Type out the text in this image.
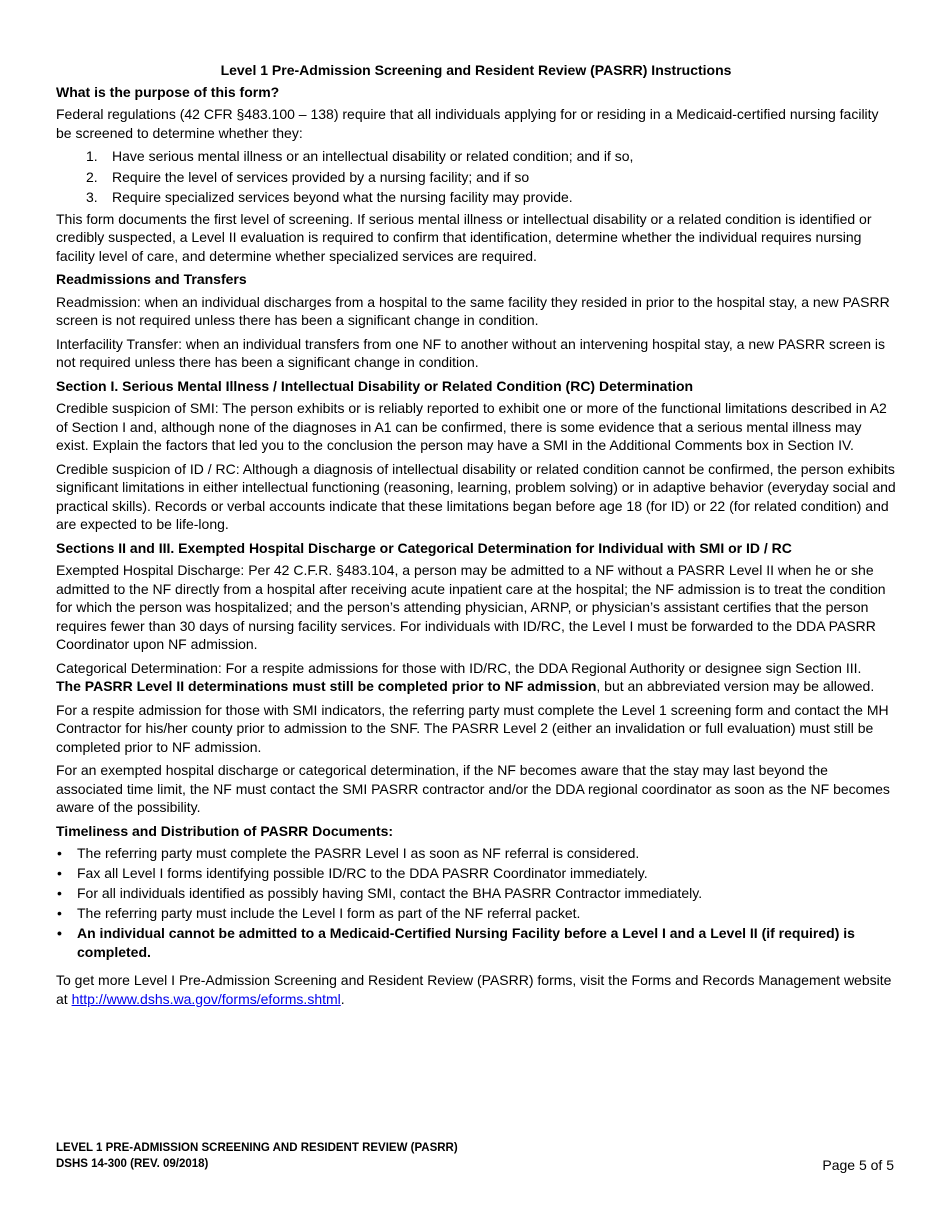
Level 1 Pre-Admission Screening and Resident Review (PASRR) Instructions
What is the purpose of this form?

Federal regulations (42 CFR §483.100 – 138) require that all individuals applying for or residing in a Medicaid-certified nursing facility be screened to determine whether they:

1. Have serious mental illness or an intellectual disability or related condition; and if so,
2. Require the level of services provided by a nursing facility; and if so
3. Require specialized services beyond what the nursing facility may provide.

This form documents the first level of screening. If serious mental illness or intellectual disability or a related condition is identified or credibly suspected, a Level II evaluation is required to confirm that identification, determine whether the individual requires nursing facility level of care, and determine whether specialized services are required.

Readmissions and Transfers

Readmission: when an individual discharges from a hospital to the same facility they resided in prior to the hospital stay, a new PASRR screen is not required unless there has been a significant change in condition.

Interfacility Transfer: when an individual transfers from one NF to another without an intervening hospital stay, a new PASRR screen is not required unless there has been a significant change in condition.

Section I. Serious Mental Illness / Intellectual Disability or Related Condition (RC) Determination

Credible suspicion of SMI: The person exhibits or is reliably reported to exhibit one or more of the functional limitations described in A2 of Section I and, although none of the diagnoses in A1 can be confirmed, there is some evidence that a serious mental illness may exist. Explain the factors that led you to the conclusion the person may have a SMI in the Additional Comments box in Section IV.

Credible suspicion of ID / RC: Although a diagnosis of intellectual disability or related condition cannot be confirmed, the person exhibits significant limitations in either intellectual functioning (reasoning, learning, problem solving) or in adaptive behavior (everyday social and practical skills). Records or verbal accounts indicate that these limitations began before age 18 (for ID) or 22 (for related condition) and are expected to be life-long.

Sections II and III. Exempted Hospital Discharge or Categorical Determination for Individual with SMI or ID / RC

Exempted Hospital Discharge: Per 42 C.F.R. §483.104, a person may be admitted to a NF without a PASRR Level II when he or she admitted to the NF directly from a hospital after receiving acute inpatient care at the hospital; the NF admission is to treat the condition for which the person was hospitalized; and the person’s attending physician, ARNP, or physician’s assistant certifies that the person requires fewer than 30 days of nursing facility services. For individuals with ID/RC, the Level I must be forwarded to the DDA PASRR Coordinator upon NF admission.

Categorical Determination: For a respite admissions for those with ID/RC, the DDA Regional Authority or designee sign Section III.
The PASRR Level II determinations must still be completed prior to NF admission, but an abbreviated version may be allowed.

For a respite admission for those with SMI indicators, the referring party must complete the Level 1 screening form and contact the MH Contractor for his/her county prior to admission to the SNF. The PASRR Level 2 (either an invalidation or full evaluation) must still be completed prior to NF admission.

For an exempted hospital discharge or categorical determination, if the NF becomes aware that the stay may last beyond the associated time limit, the NF must contact the SMI PASRR contractor and/or the DDA regional coordinator as soon as the NF becomes aware of the possibility.

Timeliness and Distribution of PASRR Documents:
• The referring party must complete the PASRR Level I as soon as NF referral is considered.
• Fax all Level I forms identifying possible ID/RC to the DDA PASRR Coordinator immediately.
• For all individuals identified as possibly having SMI, contact the BHA PASRR Contractor immediately.
• The referring party must include the Level I form as part of the NF referral packet.
• An individual cannot be admitted to a Medicaid-Certified Nursing Facility before a Level I and a Level II (if required) is completed.

To get more Level I Pre-Admission Screening and Resident Review (PASRR) forms, visit the Forms and Records Management website at http://www.dshs.wa.gov/forms/eforms.shtml.

LEVEL 1 PRE-ADMISSION SCREENING AND RESIDENT REVIEW (PASRR)
DSHS 14-300 (REV. 09/2018)	Page 5 of 5
